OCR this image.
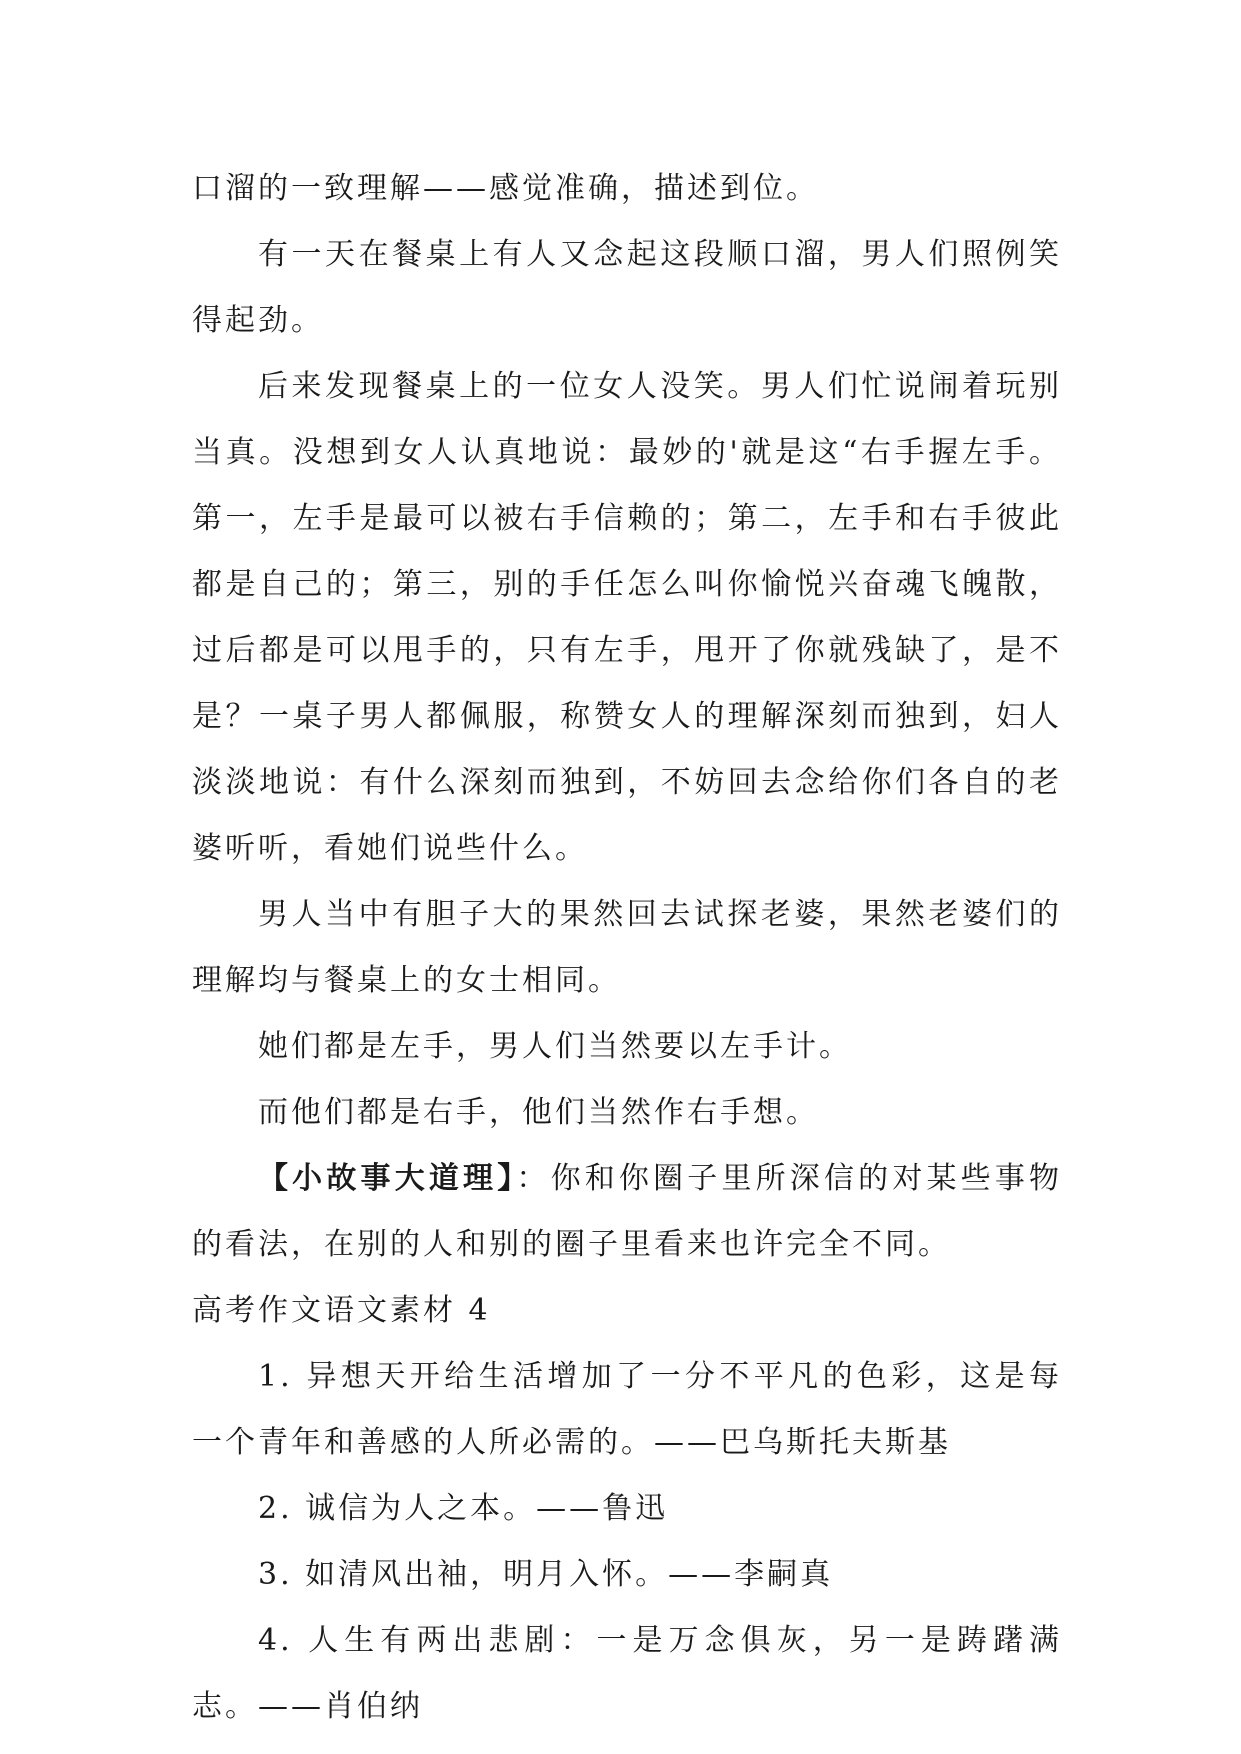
口溜的一致理解——感觉准确，描述到位。

有一天在餐桌上有人又念起这段顺口溜，男人们照例笑得起劲。

后来发现餐桌上的一位女人没笑。男人们忙说闹着玩别当真。没想到女人认真地说：最妙的'就是这“右手握左手。第一，左手是最可以被右手信赖的；第二，左手和右手彼此都是自己的；第三，别的手任怎么叫你愉悦兴奋魂飞魄散，过后都是可以甩手的，只有左手，甩开了你就残缺了，是不是？一桌子男人都佩服，称赞女人的理解深刻而独到，妇人淡淡地说：有什么深刻而独到，不妨回去念给你们各自的老婆听听，看她们说些什么。

男人当中有胆子大的果然回去试探老婆，果然老婆们的理解均与餐桌上的女士相同。

她们都是左手，男人们当然要以左手计。

而他们都是右手，他们当然作右手想。

【小故事大道理】：你和你圈子里所深信的对某些事物的看法，在别的人和别的圈子里看来也许完全不同。

高考作文语文素材 4

1. 异想天开给生活增加了一分不平凡的色彩，这是每一个青年和善感的人所必需的。——巴乌斯托夫斯基

2. 诚信为人之本。——鲁迅

3. 如清风出袖，明月入怀。——李嗣真

4. 人生有两出悲剧：一是万念俱灰，另一是踌躇满志。——肖伯纳
